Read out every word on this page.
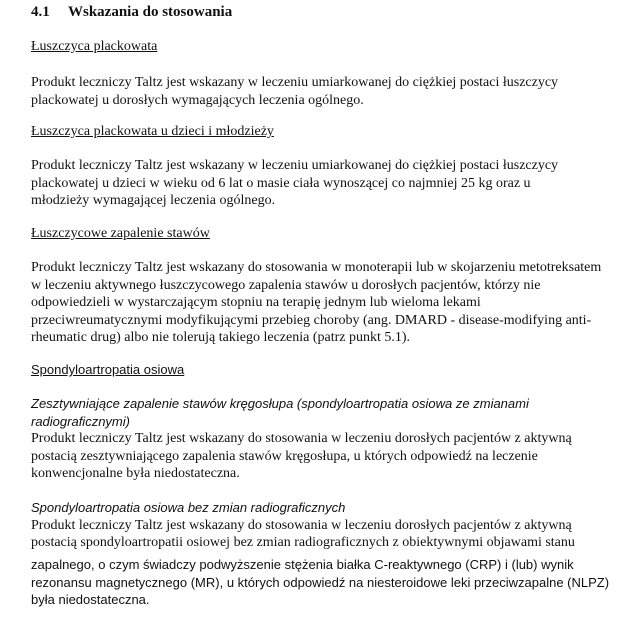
4.1 Wskazania do stosowania
Łuszczyca plackowata
Produkt leczniczy Taltz jest wskazany w leczeniu umiarkowanej do ciężkiej postaci łuszczycy
plackowatej u dorosłych wymagających leczenia ogólnego.
Łuszczyca plackowata u dzieci i młodzieży
Produkt leczniczy Taltz jest wskazany w leczeniu umiarkowanej do ciężkiej postaci łuszczycy
plackowatej u dzieci w wieku od 6 lat o masie ciała wynoszącej co najmniej 25 kg oraz u
młodzieży wymagającej leczenia ogólnego.
Łuszczycowe zapalenie stawów
Produkt leczniczy Taltz jest wskazany do stosowania w monoterapii lub w skojarzeniu metotreksatem
w leczeniu aktywnego łuszczycowego zapalenia stawów u dorosłych pacjentów, którzy nie
odpowiedzieli w wystarczającym stopniu na terapię jednym lub wieloma lekami
przeciwreumatycznymi modyfikującymi przebieg choroby (ang. DMARD - disease-modifying anti-
rheumatic drug) albo nie tolerują takiego leczenia (patrz punkt 5.1).
Spondyloartropatia osiowa
Zesztywniające zapalenie stawów kręgosłupa (spondyloartropatia osiowa ze zmianami
radiograficznymi)
Produkt leczniczy Taltz jest wskazany do stosowania w leczeniu dorosłych pacjentów z aktywną
postacią zesztywniającego zapalenia stawów kręgosłupa, u których odpowiedź na leczenie
konwencjonalne była niedostateczna.
Spondyloartropatia osiowa bez zmian radiograficznych
Produkt leczniczy Taltz jest wskazany do stosowania w leczeniu dorosłych pacjentów z aktywną
postacią spondyloartropatii osiowej bez zmian radiograficznych z obiektywnymi objawami stanu
zapalnego, o czym świadczy podwyższenie stężenia białka C-reaktywnego (CRP) i (lub) wynik
rezonansu magnetycznego (MR), u których odpowiedź na niesteroidowe leki przeciwzapalne (NLPZ)
była niedostateczna.
